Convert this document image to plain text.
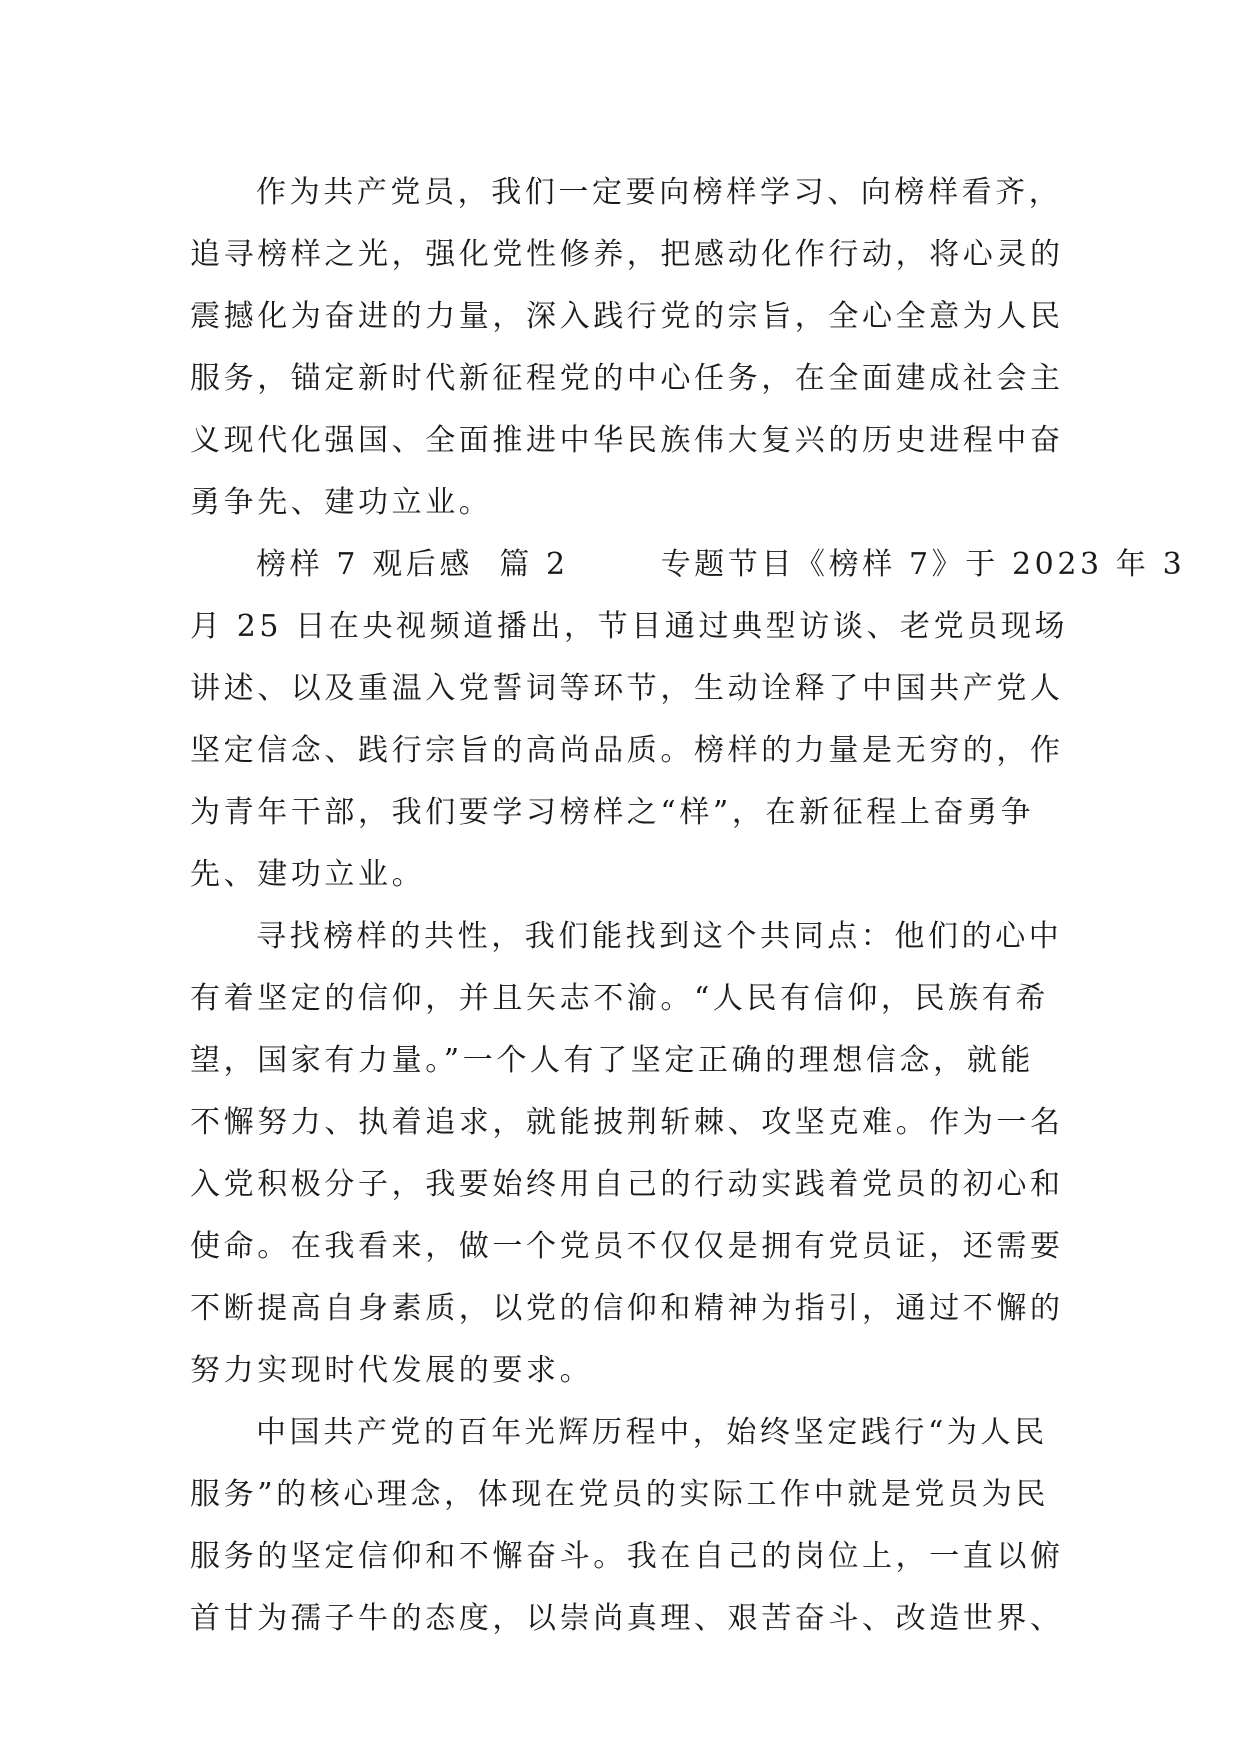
作为共产党员，我们一定要向榜样学习、向榜样看齐，
追寻榜样之光，强化党性修养，把感动化作行动，将心灵的
震撼化为奋进的力量，深入践行党的宗旨，全心全意为人民
服务，锚定新时代新征程党的中心任务，在全面建成社会主
义现代化强国、全面推进中华民族伟大复兴的历史进程中奋
勇争先、建功立业。
榜样 7 观后感  篇 2       专题节目《榜样 7》于 2023 年 3
月 25 日在央视频道播出，节目通过典型访谈、老党员现场
讲述、以及重温入党誓词等环节，生动诠释了中国共产党人
坚定信念、践行宗旨的高尚品质。榜样的力量是无穷的，作
为青年干部，我们要学习榜样之“样”，在新征程上奋勇争
先、建功立业。
寻找榜样的共性，我们能找到这个共同点：他们的心中
有着坚定的信仰，并且矢志不渝。“人民有信仰，民族有希
望，国家有力量。”一个人有了坚定正确的理想信念，就能
不懈努力、执着追求，就能披荆斩棘、攻坚克难。作为一名
入党积极分子，我要始终用自己的行动实践着党员的初心和
使命。在我看来，做一个党员不仅仅是拥有党员证，还需要
不断提高自身素质，以党的信仰和精神为指引，通过不懈的
努力实现时代发展的要求。
中国共产党的百年光辉历程中，始终坚定践行“为人民
服务”的核心理念，体现在党员的实际工作中就是党员为民
服务的坚定信仰和不懈奋斗。我在自己的岗位上，一直以俯
首甘为孺子牛的态度，以崇尚真理、艰苦奋斗、改造世界、
